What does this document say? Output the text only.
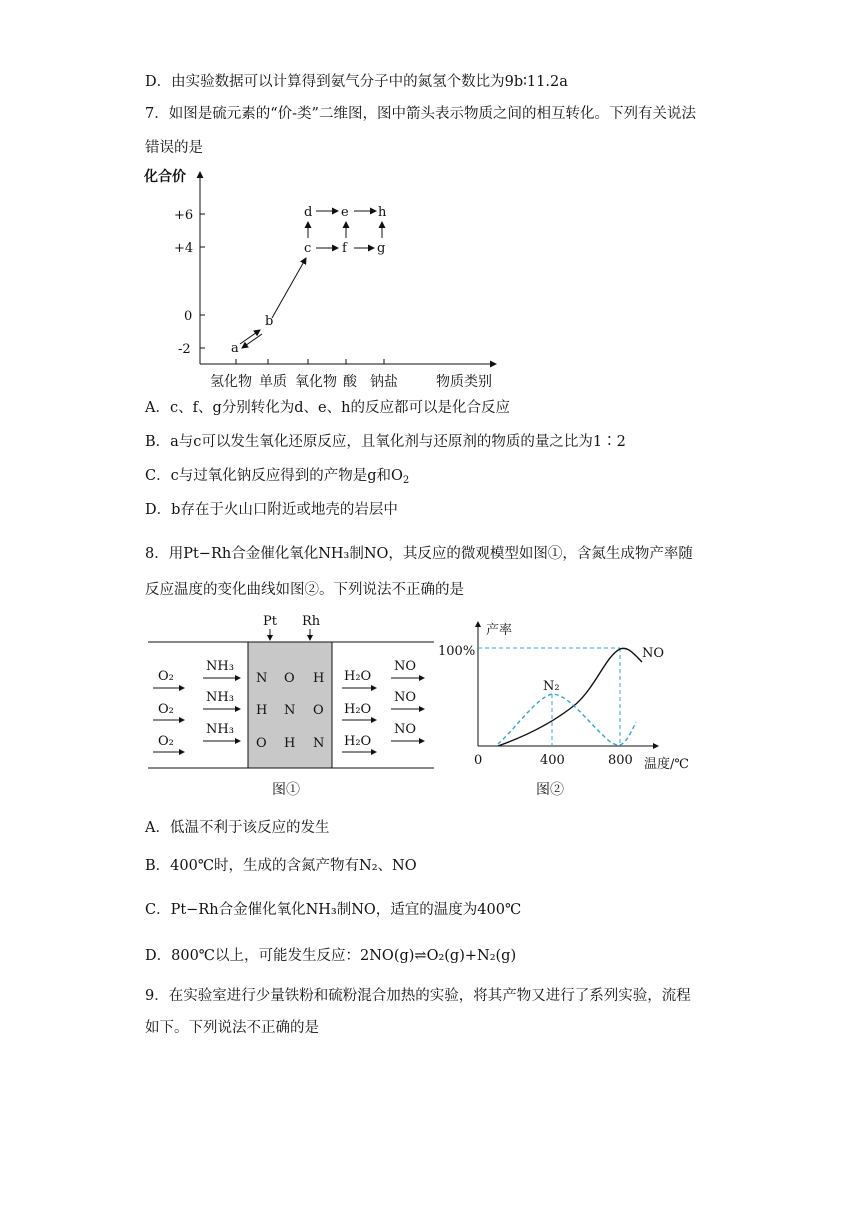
D．由实验数据可以计算得到氨气分子中的氮氢个数比为9b∶11.2a
7．如图是硫元素的“价-类”二维图，图中箭头表示物质之间的相互转化。下列有关说法
错误的是
化合价
+6
+4
0
-2
氢化物 单质 氧化物 酸 钠盐	物质类别
a
b
c
d e
f g
h
A．c、f、g分别转化为d、e、h的反应都可以是化合反应
B．a与c可以发生氧化还原反应，且氧化剂与还原剂的物质的量之比为1∶2
C．c与过氧化钠反应得到的产物是g和$O_2$
D．b存在于火山口附近或地壳的岩层中
8．用Pt−Rh合金催化氧化NH₃制NO，其反应的微观模型如图①，含氮生成物产率随
反应温度的变化曲线如图②。下列说法不正确的是
Pt Rh
O₂
NH₃
N O H H₂O
NO
O₂
NH₃
H N O H₂O
NO
O₂
NH₃
O H N H₂O
NO
图①
产率
100%	NO
N₂
0	400	800 温度/℃
图②
A．低温不利于该反应的发生
B．400℃时，生成的含氮产物有N₂、NO
C．Pt−Rh合金催化氧化NH₃制NO，适宜的温度为400℃
D．800℃以上，可能发生反应：2NO(g)⇌O₂(g)+N₂(g)
9．在实验室进行少量铁粉和硫粉混合加热的实验，将其产物又进行了系列实验，流程
如下。下列说法不正确的是
